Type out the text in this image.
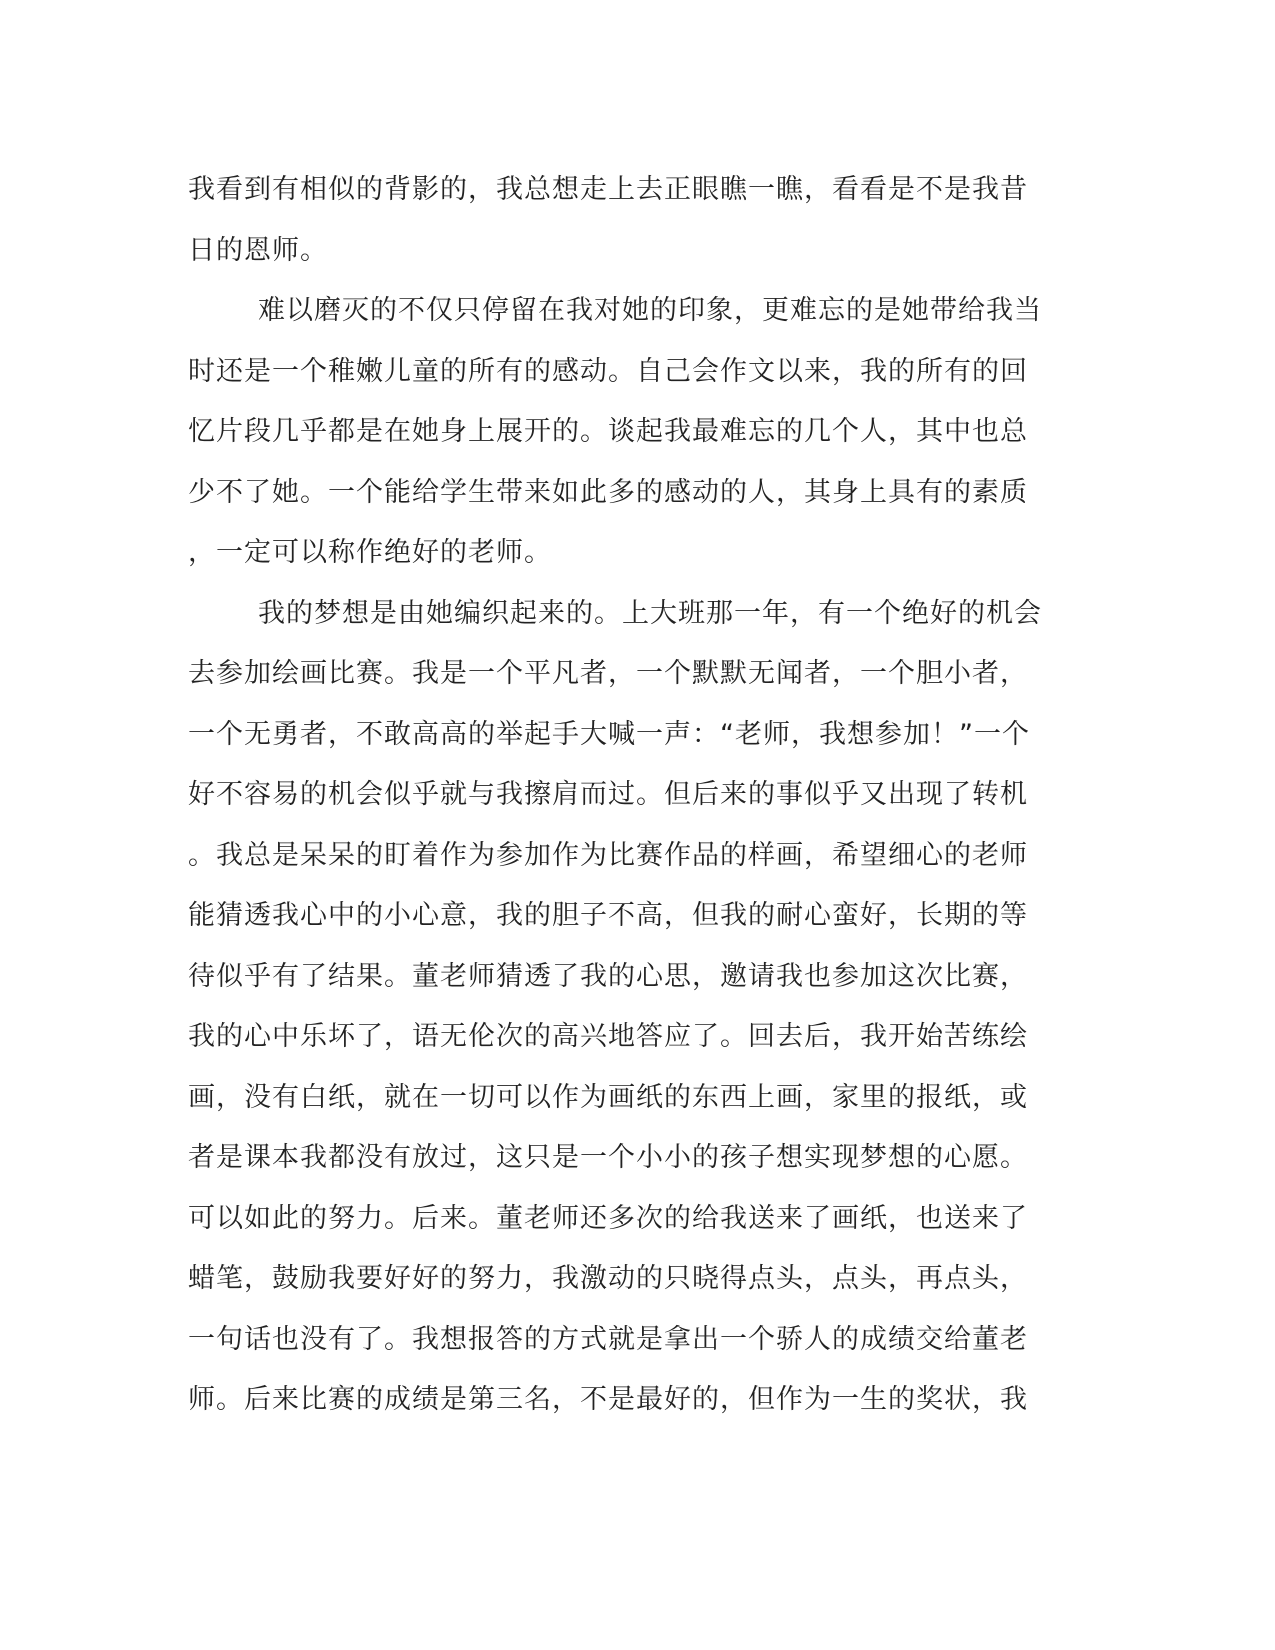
我看到有相似的背影的，我总想走上去正眼瞧一瞧，看看是不是我昔
日的恩师。
难以磨灭的不仅只停留在我对她的印象，更难忘的是她带给我当
时还是一个稚嫩儿童的所有的感动。自己会作文以来，我的所有的回
忆片段几乎都是在她身上展开的。谈起我最难忘的几个人，其中也总
少不了她。一个能给学生带来如此多的感动的人，其身上具有的素质
，一定可以称作绝好的老师。
我的梦想是由她编织起来的。上大班那一年，有一个绝好的机会
去参加绘画比赛。我是一个平凡者，一个默默无闻者，一个胆小者，
一个无勇者，不敢高高的举起手大喊一声：“老师，我想参加！”一个
好不容易的机会似乎就与我擦肩而过。但后来的事似乎又出现了转机
。我总是呆呆的盯着作为参加作为比赛作品的样画，希望细心的老师
能猜透我心中的小心意，我的胆子不高，但我的耐心蛮好，长期的等
待似乎有了结果。董老师猜透了我的心思，邀请我也参加这次比赛，
我的心中乐坏了，语无伦次的高兴地答应了。回去后，我开始苦练绘
画，没有白纸，就在一切可以作为画纸的东西上画，家里的报纸，或
者是课本我都没有放过，这只是一个小小的孩子想实现梦想的心愿。
可以如此的努力。后来。董老师还多次的给我送来了画纸，也送来了
蜡笔，鼓励我要好好的努力，我激动的只晓得点头，点头，再点头，
一句话也没有了。我想报答的方式就是拿出一个骄人的成绩交给董老
师。后来比赛的成绩是第三名，不是最好的，但作为一生的奖状，我
